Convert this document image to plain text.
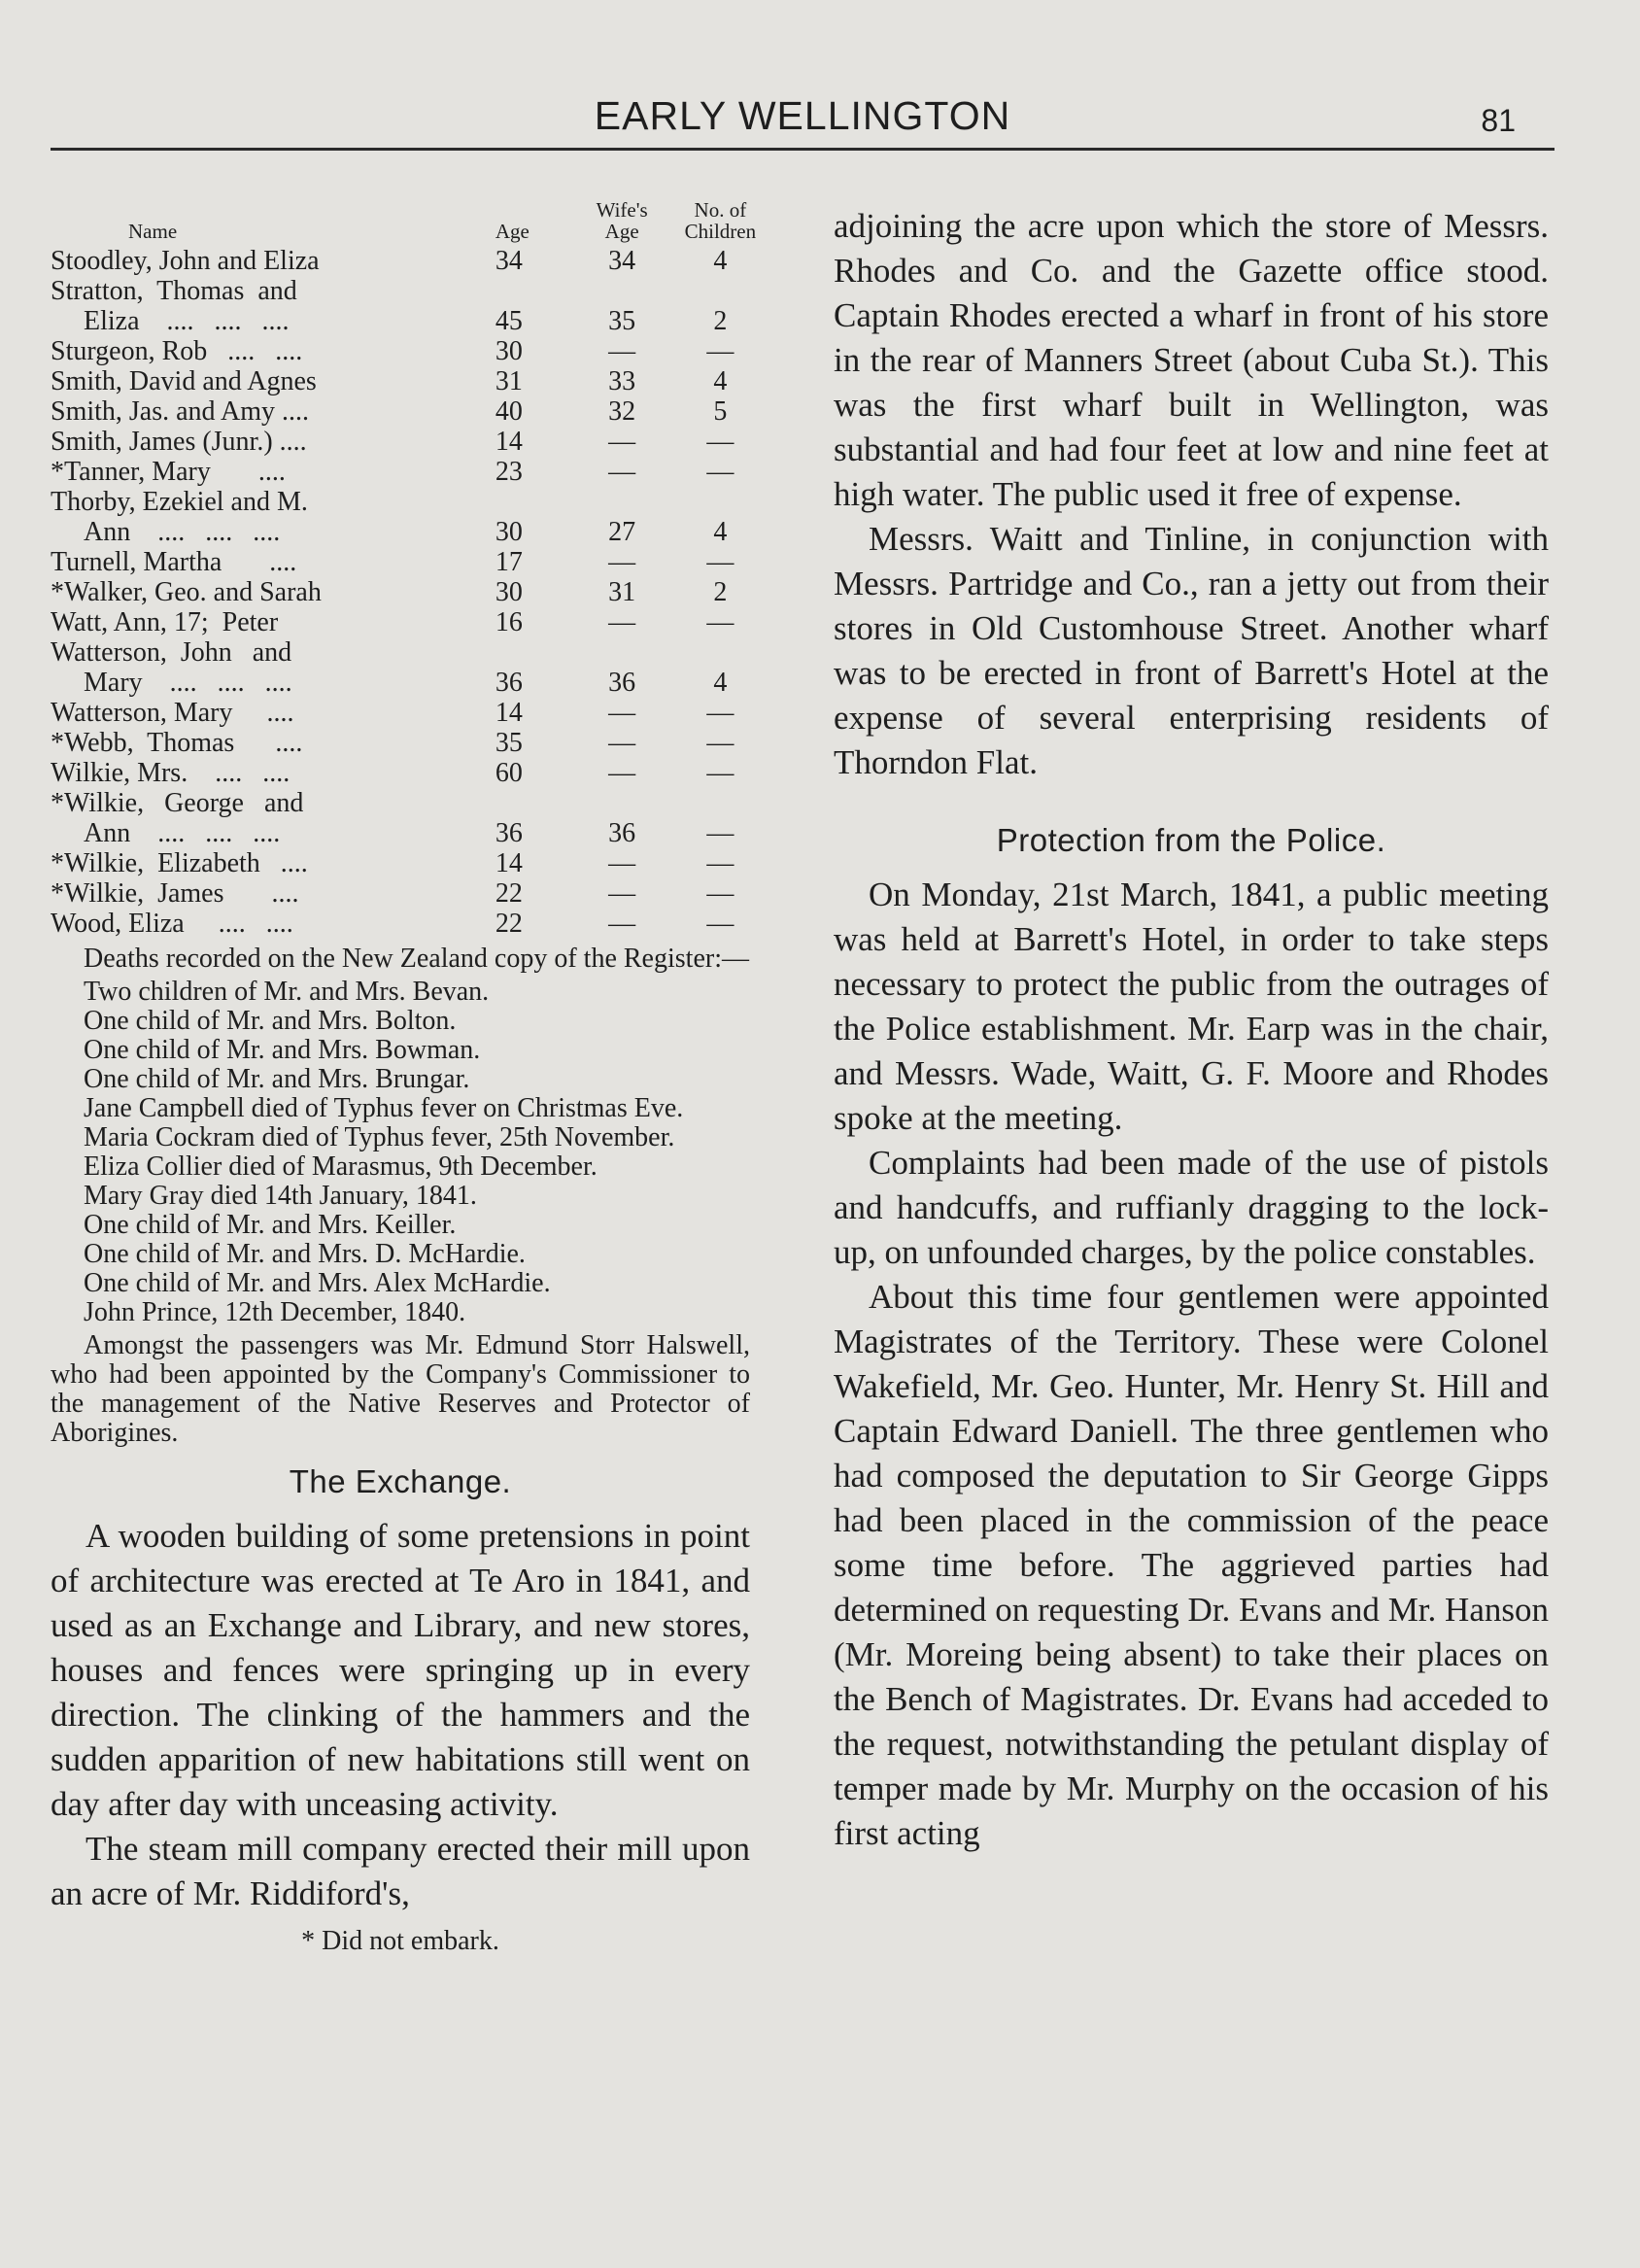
EARLY WELLINGTON	81
Name	Age	Wife's Age	No. of Children

Stoodley, John and Eliza	34	34	4

Stratton,  Thomas  and
Eliza    ....   ....   ....	45	35	2

Sturgeon, Rob   ....   ....	30	—	—

Smith, David and Agnes	31	33	4

Smith, Jas. and Amy ....	40	32	5

Smith, James (Junr.) ....	14	—	—

*Tanner, Mary       ....	23	—	—

Thorby, Ezekiel and M.
Ann    ....   ....   ....	30	27	4

Turnell, Martha       ....	17	—	—

*Walker, Geo. and Sarah	30	31	2

Watt, Ann, 17;  Peter	16	—	—

Watterson,  John   and
Mary    ....   ....   ....	36	36	4

Watterson, Mary     ....	14	—	—

*Webb,  Thomas      ....	35	—	—

Wilkie, Mrs.    ....   ....	60	—	—

*Wilkie,   George   and
Ann    ....   ....   ....	36	36	—

*Wilkie,  Elizabeth   ....	14	—	—

*Wilkie,  James       ....	22	—	—

Wood, Eliza     ....   ....	22	—	—

Deaths recorded on the New Zealand copy of the Register:—

Two children of Mr. and Mrs. Bevan.
One child of Mr. and Mrs. Bolton.
One child of Mr. and Mrs. Bowman.
One child of Mr. and Mrs. Brungar.
Jane Campbell died of Typhus fever on Christmas Eve.
Maria Cockram died of Typhus fever, 25th November.
Eliza Collier died of Marasmus, 9th December.
Mary Gray died 14th January, 1841.
One child of Mr. and Mrs. Keiller.
One child of Mr. and Mrs. D. McHardie.
One child of Mr. and Mrs. Alex McHardie.
John Prince, 12th December, 1840.

Amongst the passengers was Mr. Edmund Storr Halswell, who had been appointed by the Company's Commissioner to the management of the Native Reserves and Protector of Aborigines.

The Exchange.

A wooden building of some pretensions in point of architecture was erected at Te Aro in 1841, and used as an Exchange and Library, and new stores, houses and fences were springing up in every direction. The clinking of the hammers and the sudden apparition of new habitations still went on day after day with unceasing activity.

The steam mill company erected their mill upon an acre of Mr. Riddiford's,

* Did not embark.

adjoining the acre upon which the store of Messrs. Rhodes and Co. and the Gazette office stood. Captain Rhodes erected a wharf in front of his store in the rear of Manners Street (about Cuba St.). This was the first wharf built in Wellington, was substantial and had four feet at low and nine feet at high water. The public used it free of expense.

Messrs. Waitt and Tinline, in conjunction with Messrs. Partridge and Co., ran a jetty out from their stores in Old Customhouse Street. Another wharf was to be erected in front of Barrett's Hotel at the expense of several enterprising residents of Thorndon Flat.

Protection from the Police.

On Monday, 21st March, 1841, a public meeting was held at Barrett's Hotel, in order to take steps necessary to protect the public from the outrages of the Police establishment. Mr. Earp was in the chair, and Messrs. Wade, Waitt, G. F. Moore and Rhodes spoke at the meeting.

Complaints had been made of the use of pistols and handcuffs, and ruffianly dragging to the lock-up, on unfounded charges, by the police constables.

About this time four gentlemen were appointed Magistrates of the Territory. These were Colonel Wakefield, Mr. Geo. Hunter, Mr. Henry St. Hill and Captain Edward Daniell. The three gentlemen who had composed the deputation to Sir George Gipps had been placed in the commission of the peace some time before. The aggrieved parties had determined on requesting Dr. Evans and Mr. Hanson (Mr. Moreing being absent) to take their places on the Bench of Magistrates. Dr. Evans had acceded to the request, notwithstanding the petulant display of temper made by Mr. Murphy on the occasion of his first acting
